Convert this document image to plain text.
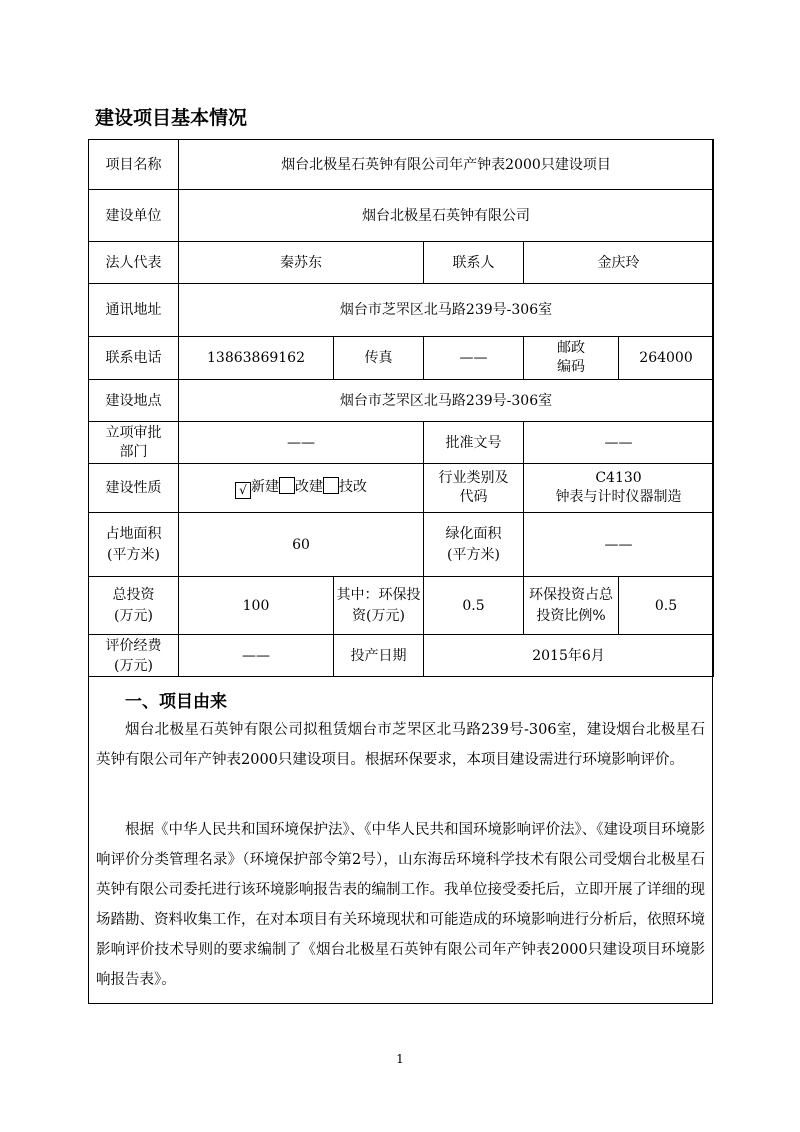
建设项目基本情况
项目名称	烟台北极星石英钟有限公司年产钟表2000只建设项目				
建设单位	烟台北极星石英钟有限公司				
法人代表	秦苏东		联系人	金庆玲	
通讯地址	烟台市芝罘区北马路239号-306室				
联系电话	13863869162	传真	——	邮政编码	264000
建设地点	烟台市芝罘区北马路239号-306室				
立项审批部门	——		批准文号	——	
建设性质	√ 新建 改建 技改		行业类别及代码	C4130
钟表与计时仪器制造	

占地面积(平方米)	60		绿化面积(平方米)	——	
总投资(万元)	100	其中：环保投资(万元)	0.5	环保投资占总投资比例%	0.5
评价经费(万元)	——	投产日期	2015年6月		
一、项目由来
烟台北极星石英钟有限公司拟租赁烟台市芝罘区北马路239号-306室，建设烟台北极星石英钟有限公司年产钟表2000只建设项目。根据环保要求，本项目建设需进行环境影响评价。
根据《中华人民共和国环境保护法》、《中华人民共和国环境影响评价法》、《建设项目环境影响评价分类管理名录》（环境保护部令第2号），山东海岳环境科学技术有限公司受烟台北极星石英钟有限公司委托进行该环境影响报告表的编制工作。我单位接受委托后，立即开展了详细的现场踏勘、资料收集工作，在对本项目有关环境现状和可能造成的环境影响进行分析后，依照环境影响评价技术导则的要求编制了《烟台北极星石英钟有限公司年产钟表2000只建设项目环境影响报告表》。
1
